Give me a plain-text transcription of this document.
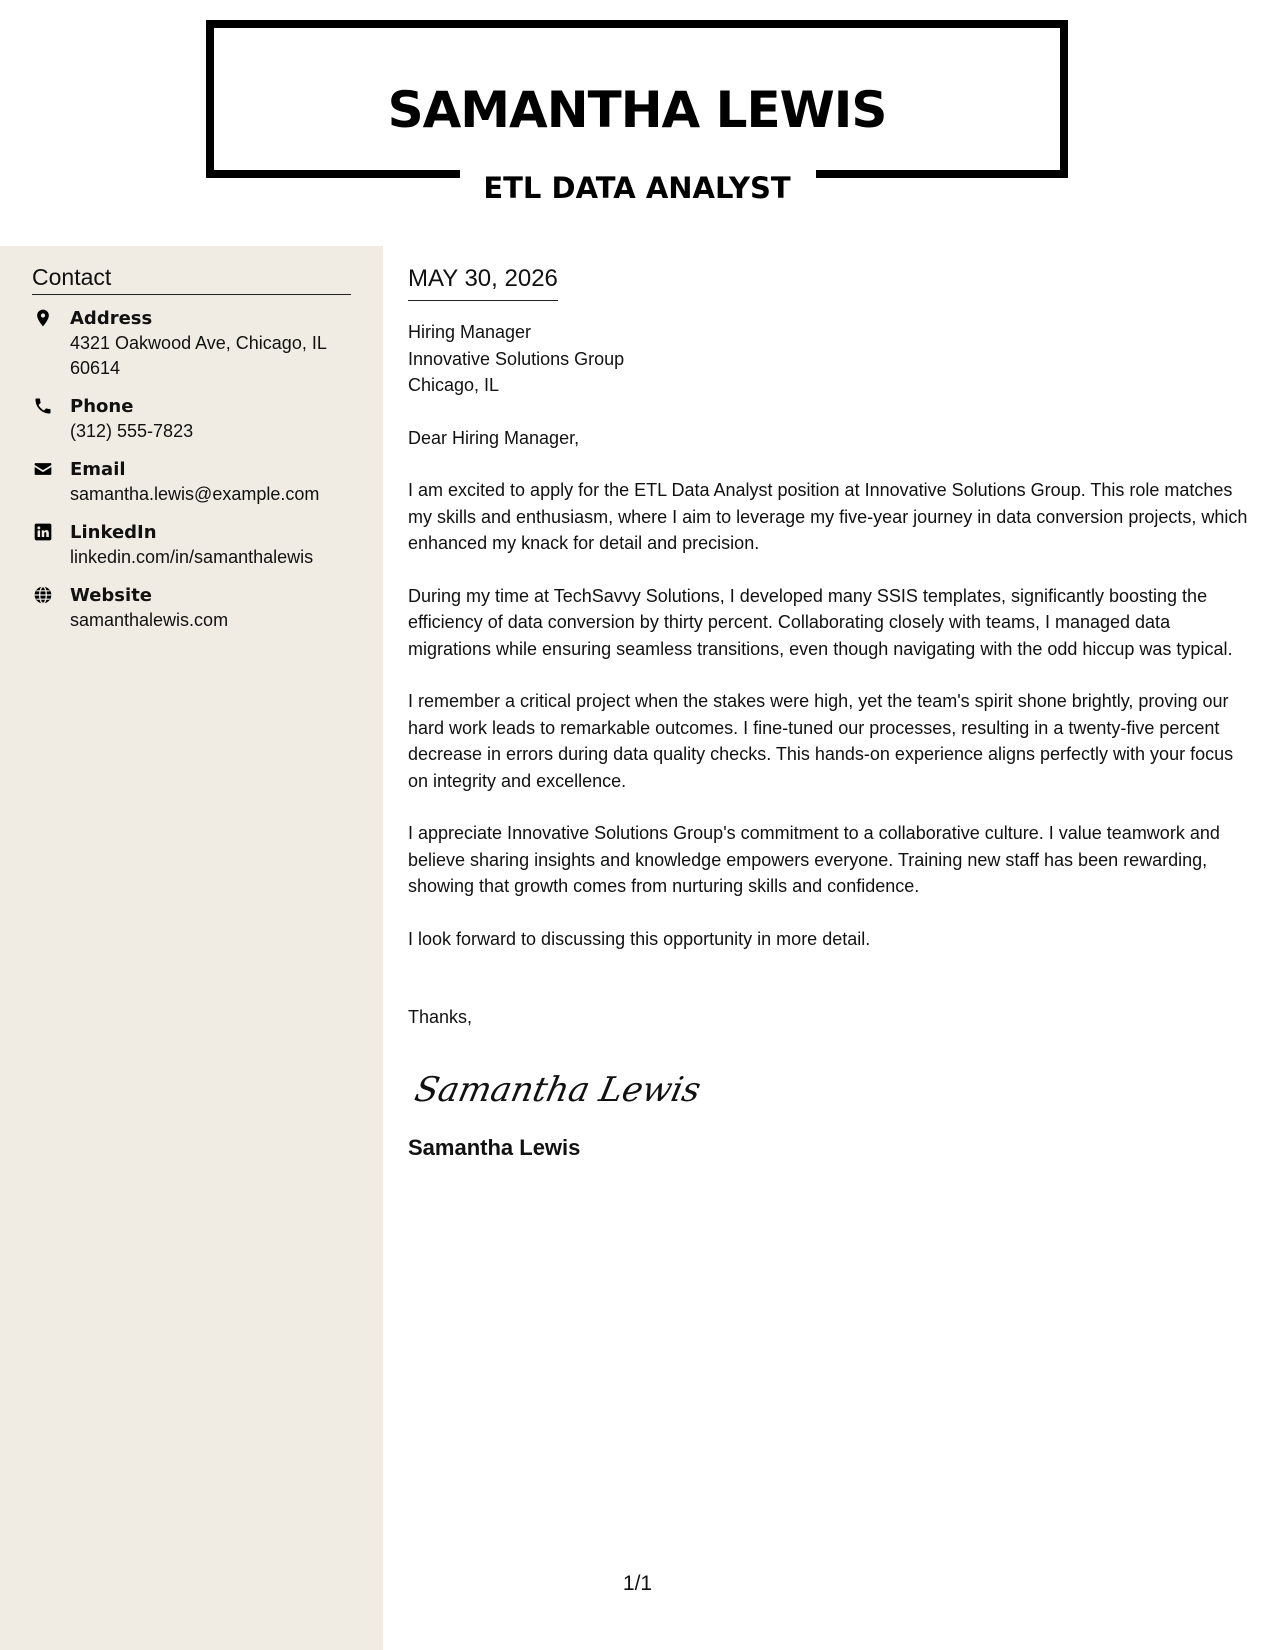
SAMANTHA LEWIS
ETL DATA ANALYST
Contact
Address
4321 Oakwood Ave, Chicago, IL 60614
Phone
(312) 555-7823
Email
samantha.lewis@example.com
LinkedIn
linkedin.com/in/samanthalewis
Website
samanthalewis.com
MAY 30, 2026
Hiring Manager
Innovative Solutions Group
Chicago, IL
Dear Hiring Manager,

I am excited to apply for the ETL Data Analyst position at Innovative Solutions Group. This role matches my skills and enthusiasm, where I aim to leverage my five-year journey in data conversion projects, which enhanced my knack for detail and precision.

During my time at TechSavvy Solutions, I developed many SSIS templates, significantly boosting the efficiency of data conversion by thirty percent. Collaborating closely with teams, I managed data migrations while ensuring seamless transitions, even though navigating with the odd hiccup was typical.

I remember a critical project when the stakes were high, yet the team's spirit shone brightly, proving our hard work leads to remarkable outcomes. I fine-tuned our processes, resulting in a twenty-five percent decrease in errors during data quality checks. This hands-on experience aligns perfectly with your focus on integrity and excellence.

I appreciate Innovative Solutions Group's commitment to a collaborative culture. I value teamwork and believe sharing insights and knowledge empowers everyone. Training new staff has been rewarding, showing that growth comes from nurturing skills and confidence.

I look forward to discussing this opportunity in more detail.

Thanks,
Samantha Lewis
Samantha Lewis
1/1
